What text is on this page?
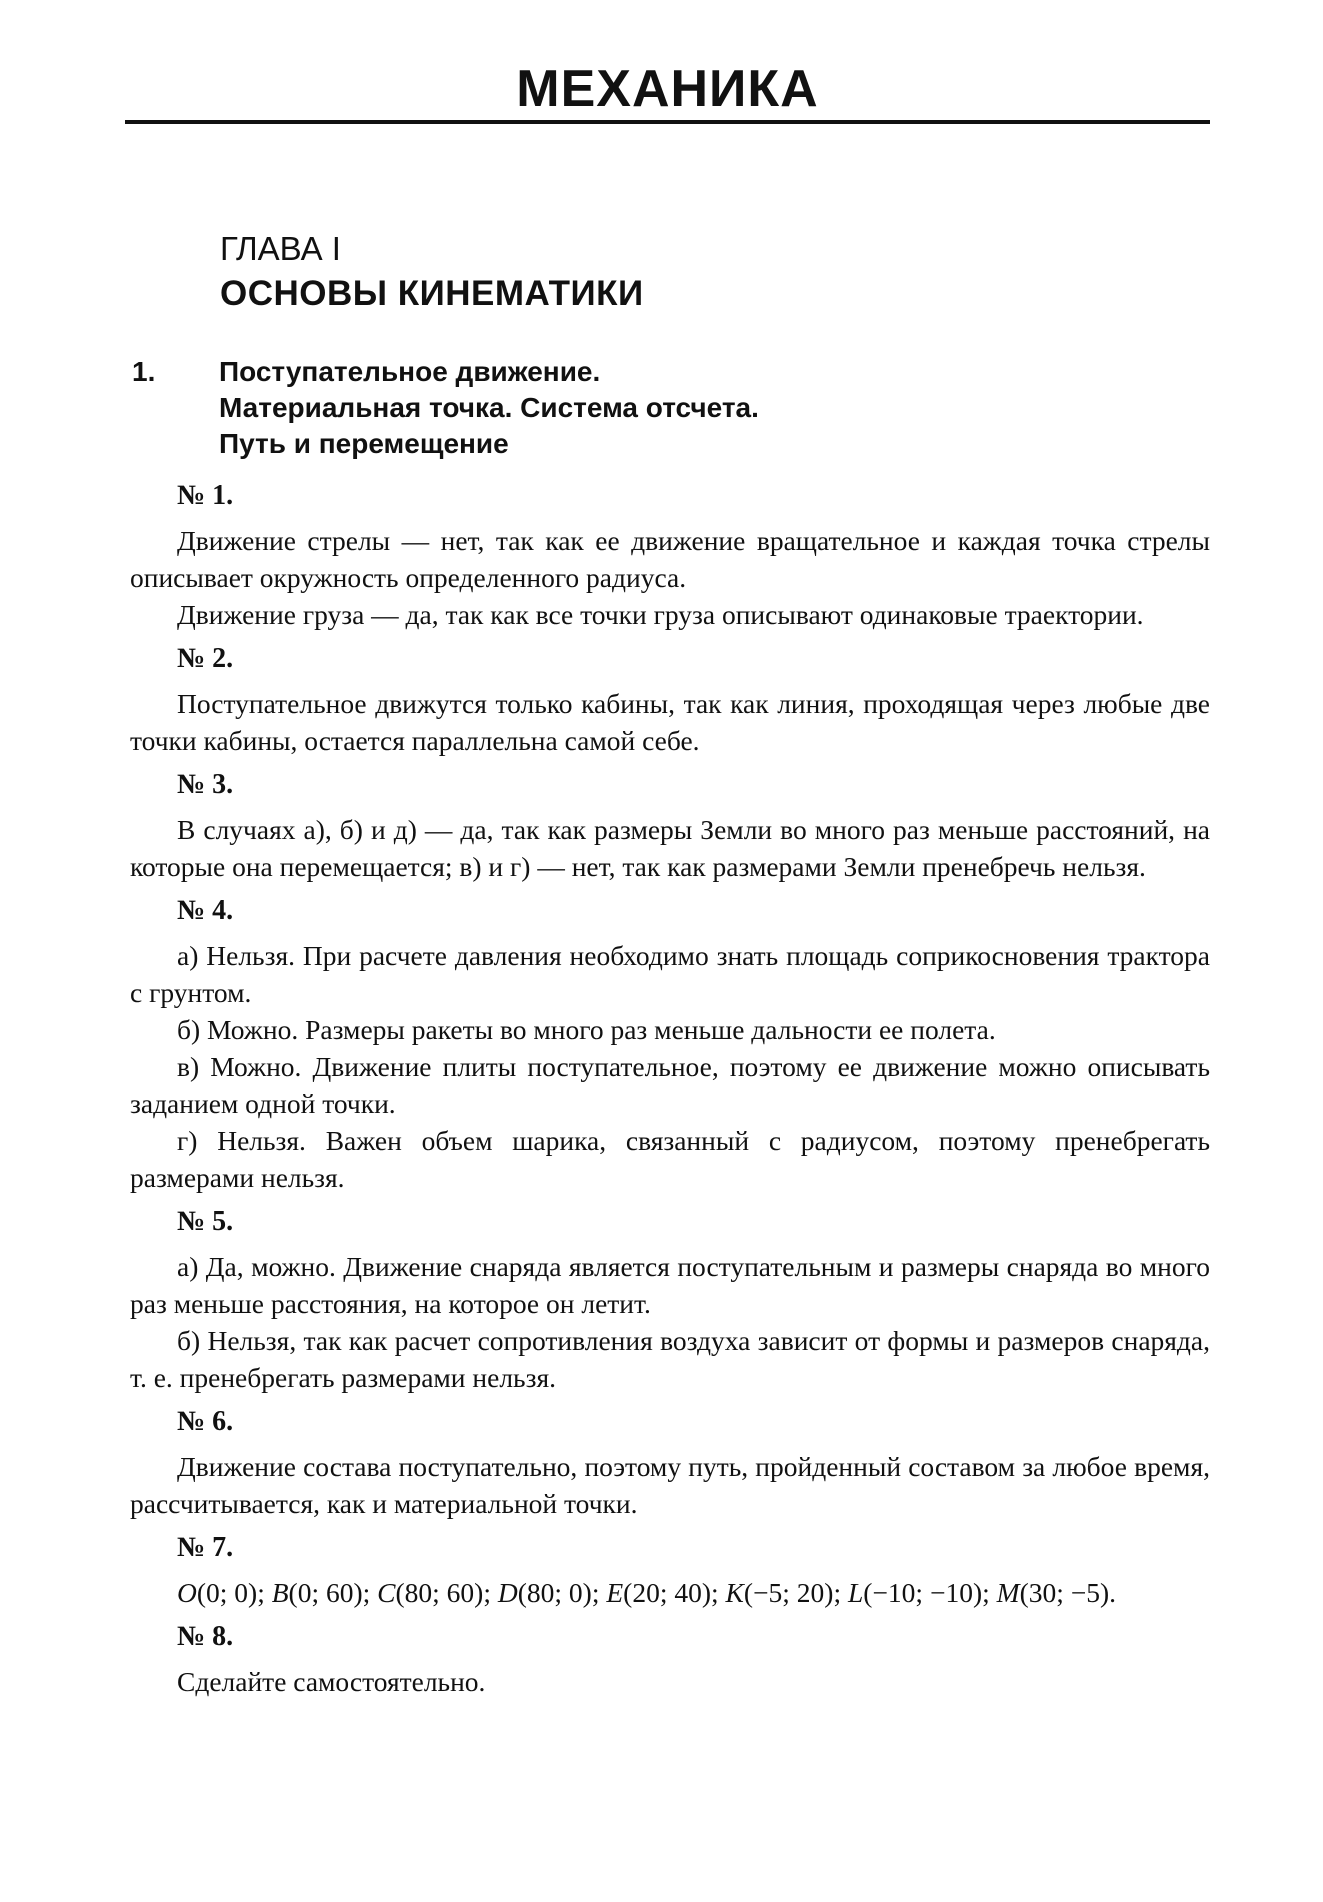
МЕХАНИКА
ГЛАВА I
ОСНОВЫ КИНЕМАТИКИ
1. Поступательное движение.
Материальная точка. Система отсчета.
Путь и перемещение
№ 1.

Движение стрелы — нет, так как ее движение вращательное и каждая точка стрелы описывает окружность определенного радиуса.

Движение груза — да, так как все точки груза описывают одинаковые траектории.

№ 2.

Поступательное движутся только кабины, так как линия, проходящая через любые две точки кабины, остается параллельна самой себе.

№ 3.

В случаях а), б) и д) — да, так как размеры Земли во много раз меньше расстояний, на которые она перемещается; в) и г) — нет, так как размерами Земли пренебречь нельзя.

№ 4.

а) Нельзя. При расчете давления необходимо знать площадь соприкосновения трактора с грунтом.

б) Можно. Размеры ракеты во много раз меньше дальности ее полета.

в) Можно. Движение плиты поступательное, поэтому ее движение можно описывать заданием одной точки.

г) Нельзя. Важен объем шарика, связанный с радиусом, поэтому пренебрегать размерами нельзя.

№ 5.

а) Да, можно. Движение снаряда является поступательным и размеры снаряда во много раз меньше расстояния, на которое он летит.

б) Нельзя, так как расчет сопротивления воздуха зависит от формы и размеров снаряда, т. е. пренебрегать размерами нельзя.

№ 6.

Движение состава поступательно, поэтому путь, пройденный составом за любое время, рассчитывается, как и материальной точки.

№ 7.

O(0; 0); B(0; 60); C(80; 60); D(80; 0); E(20; 40); K(−5; 20); L(−10; −10); M(30; −5).

№ 8.

Сделайте самостоятельно.
